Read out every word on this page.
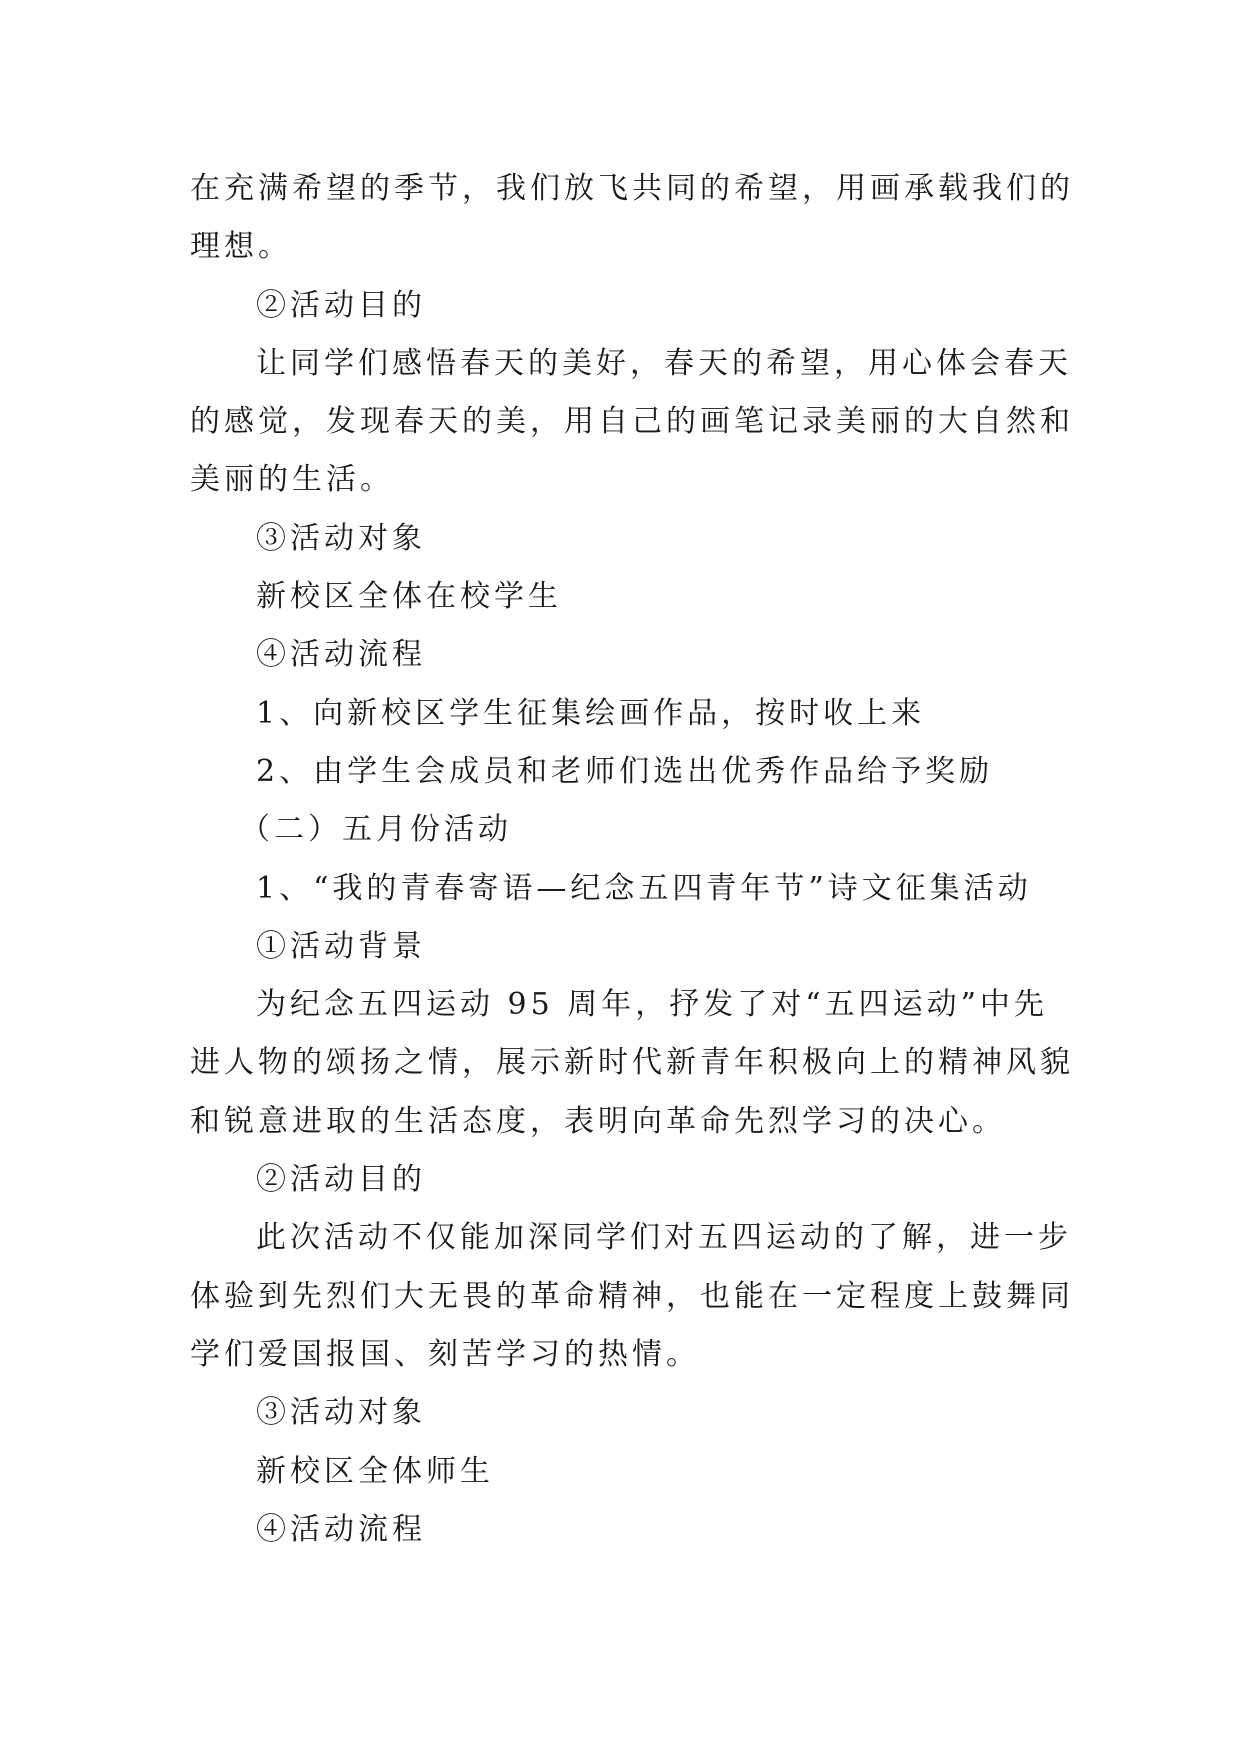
在充满希望的季节，我们放飞共同的希望，用画承载我们的

理想。

②活动目的

让同学们感悟春天的美好，春天的希望，用心体会春天

的感觉，发现春天的美，用自己的画笔记录美丽的大自然和

美丽的生活。

③活动对象

新校区全体在校学生

④活动流程

1、向新校区学生征集绘画作品，按时收上来

2、由学生会成员和老师们选出优秀作品给予奖励

（二）五月份活动

1、“我的青春寄语—纪念五四青年节”诗文征集活动

①活动背景

为纪念五四运动 95 周年，抒发了对“五四运动”中先

进人物的颂扬之情，展示新时代新青年积极向上的精神风貌

和锐意进取的生活态度，表明向革命先烈学习的决心。

②活动目的

此次活动不仅能加深同学们对五四运动的了解，进一步

体验到先烈们大无畏的革命精神，也能在一定程度上鼓舞同

学们爱国报国、刻苦学习的热情。

③活动对象

新校区全体师生

④活动流程
